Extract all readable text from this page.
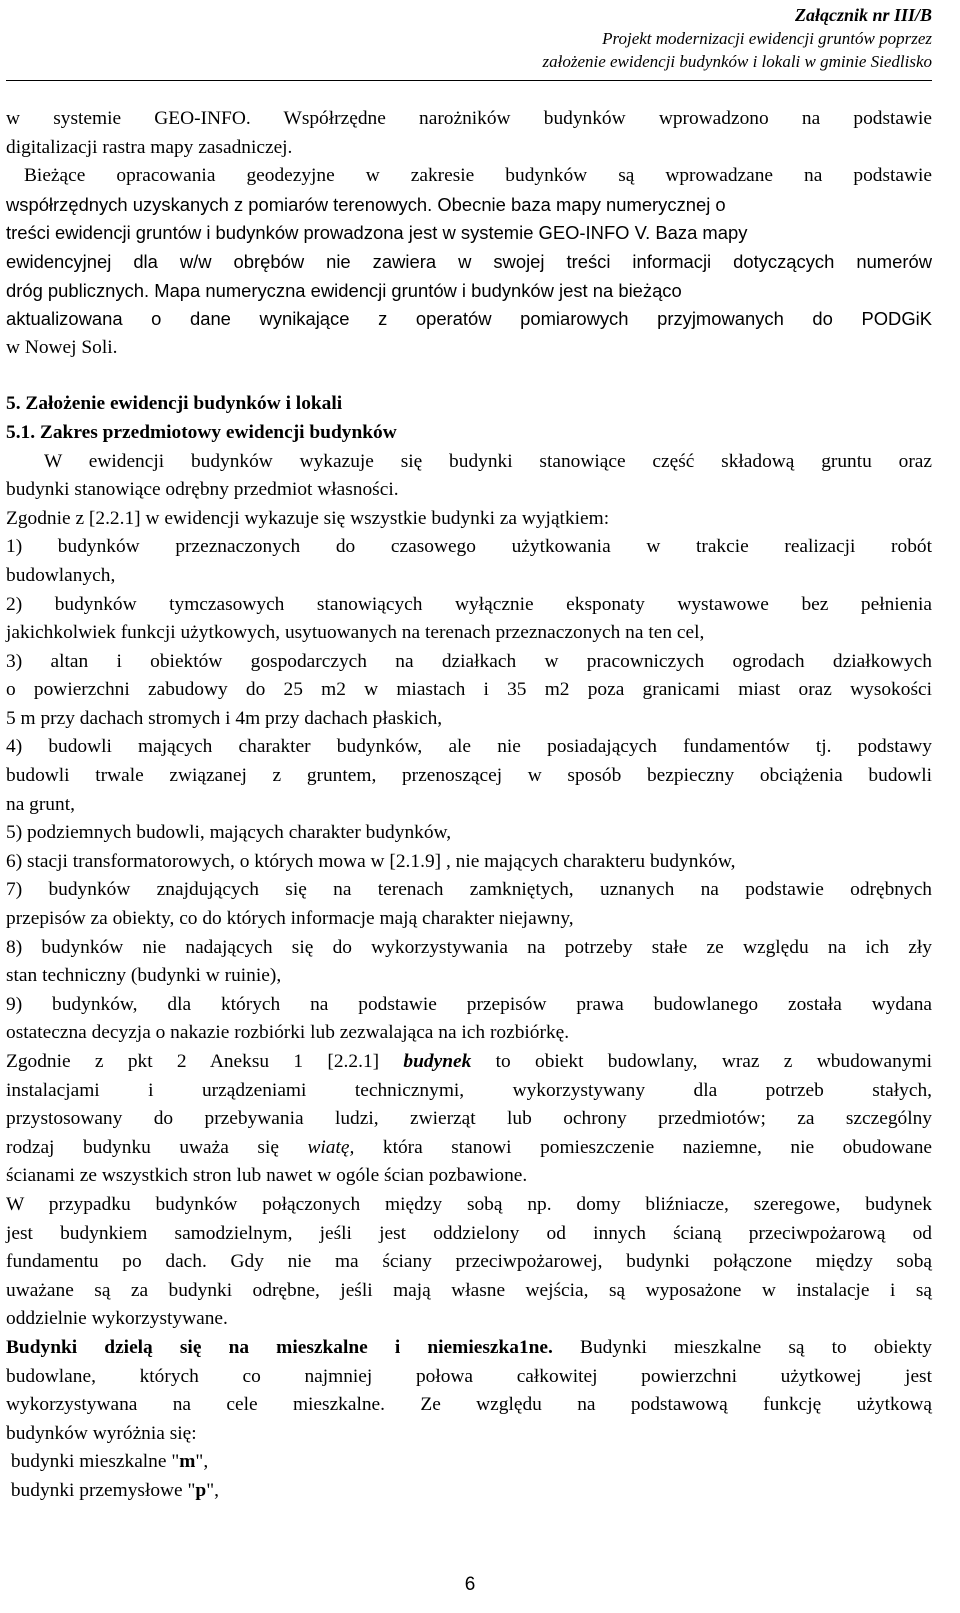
Załącznik nr III/B
Projekt modernizacji ewidencji gruntów poprzez
założenie ewidencji budynków i lokali w gminie Siedlisko
w systemie GEO-INFO. Współrzędne narożników budynków wprowadzono na podstawie
digitalizacji rastra mapy zasadniczej.
Bieżące opracowania geodezyjne w zakresie budynków są wprowadzane na podstawie
współrzędnych uzyskanych z pomiarów terenowych. Obecnie baza mapy numerycznej o
treści ewidencji gruntów i budynków prowadzona jest w systemie GEO-INFO V. Baza mapy
ewidencyjnej dla w/w obrębów nie zawiera w swojej treści informacji dotyczących numerów
dróg publicznych. Mapa numeryczna ewidencji gruntów i budynków jest na bieżąco
aktualizowana o dane wynikające z operatów pomiarowych przyjmowanych do PODGiK
w Nowej Soli.
5. Założenie ewidencji budynków i lokali
5.1. Zakres przedmiotowy ewidencji budynków
W ewidencji budynków wykazuje się budynki stanowiące część składową gruntu oraz
budynki stanowiące odrębny przedmiot własności.
Zgodnie z [2.2.1] w ewidencji wykazuje się wszystkie budynki za wyjątkiem:
1) budynków przeznaczonych do czasowego użytkowania w trakcie realizacji robót
budowlanych,
2) budynków tymczasowych stanowiących wyłącznie eksponaty wystawowe bez pełnienia
jakichkolwiek funkcji użytkowych, usytuowanych na terenach przeznaczonych na ten cel,
3) altan i obiektów gospodarczych na działkach w pracowniczych ogrodach działkowych
o powierzchni zabudowy do 25 m2 w miastach i 35 m2 poza granicami miast oraz wysokości
5 m przy dachach stromych i 4m przy dachach płaskich,
4) budowli mających charakter budynków, ale nie posiadających fundamentów tj. podstawy
budowli trwale związanej z gruntem, przenoszącej w sposób bezpieczny obciążenia budowli
na grunt,
5) podziemnych budowli, mających charakter budynków,
6) stacji transformatorowych, o których mowa w [2.1.9] , nie mających charakteru budynków,
7) budynków znajdujących się na terenach zamkniętych, uznanych na podstawie odrębnych
przepisów za obiekty, co do których informacje mają charakter niejawny,
8) budynków nie nadających się do wykorzystywania na potrzeby stałe ze względu na ich zły
stan techniczny (budynki w ruinie),
9) budynków, dla których na podstawie przepisów prawa budowlanego została wydana
ostateczna decyzja o nakazie rozbiórki lub zezwalająca na ich rozbiórkę.
Zgodnie z pkt 2 Aneksu 1 [2.2.1] budynek to obiekt budowlany, wraz z wbudowanymi
instalacjami i urządzeniami technicznymi, wykorzystywany dla potrzeb stałych,
przystosowany do przebywania ludzi, zwierząt lub ochrony przedmiotów; za szczególny
rodzaj budynku uważa się wiatę, która stanowi pomieszczenie naziemne, nie obudowane
ścianami ze wszystkich stron lub nawet w ogóle ścian pozbawione.
W przypadku budynków połączonych między sobą np. domy bliźniacze, szeregowe, budynek
jest budynkiem samodzielnym, jeśli jest oddzielony od innych ścianą przeciwpożarową od
fundamentu po dach. Gdy nie ma ściany przeciwpożarowej, budynki połączone między sobą
uważane są za budynki odrębne, jeśli mają własne wejścia, są wyposażone w instalacje i są
oddzielnie wykorzystywane.
Budynki dzielą się na mieszkalne i niemieszka1ne. Budynki mieszkalne są to obiekty
budowlane, których co najmniej połowa całkowitej powierzchni użytkowej jest
wykorzystywana na cele mieszkalne. Ze względu na podstawową funkcję użytkową
budynków wyróżnia się:
budynki mieszkalne "m",
budynki przemysłowe "p",
6
